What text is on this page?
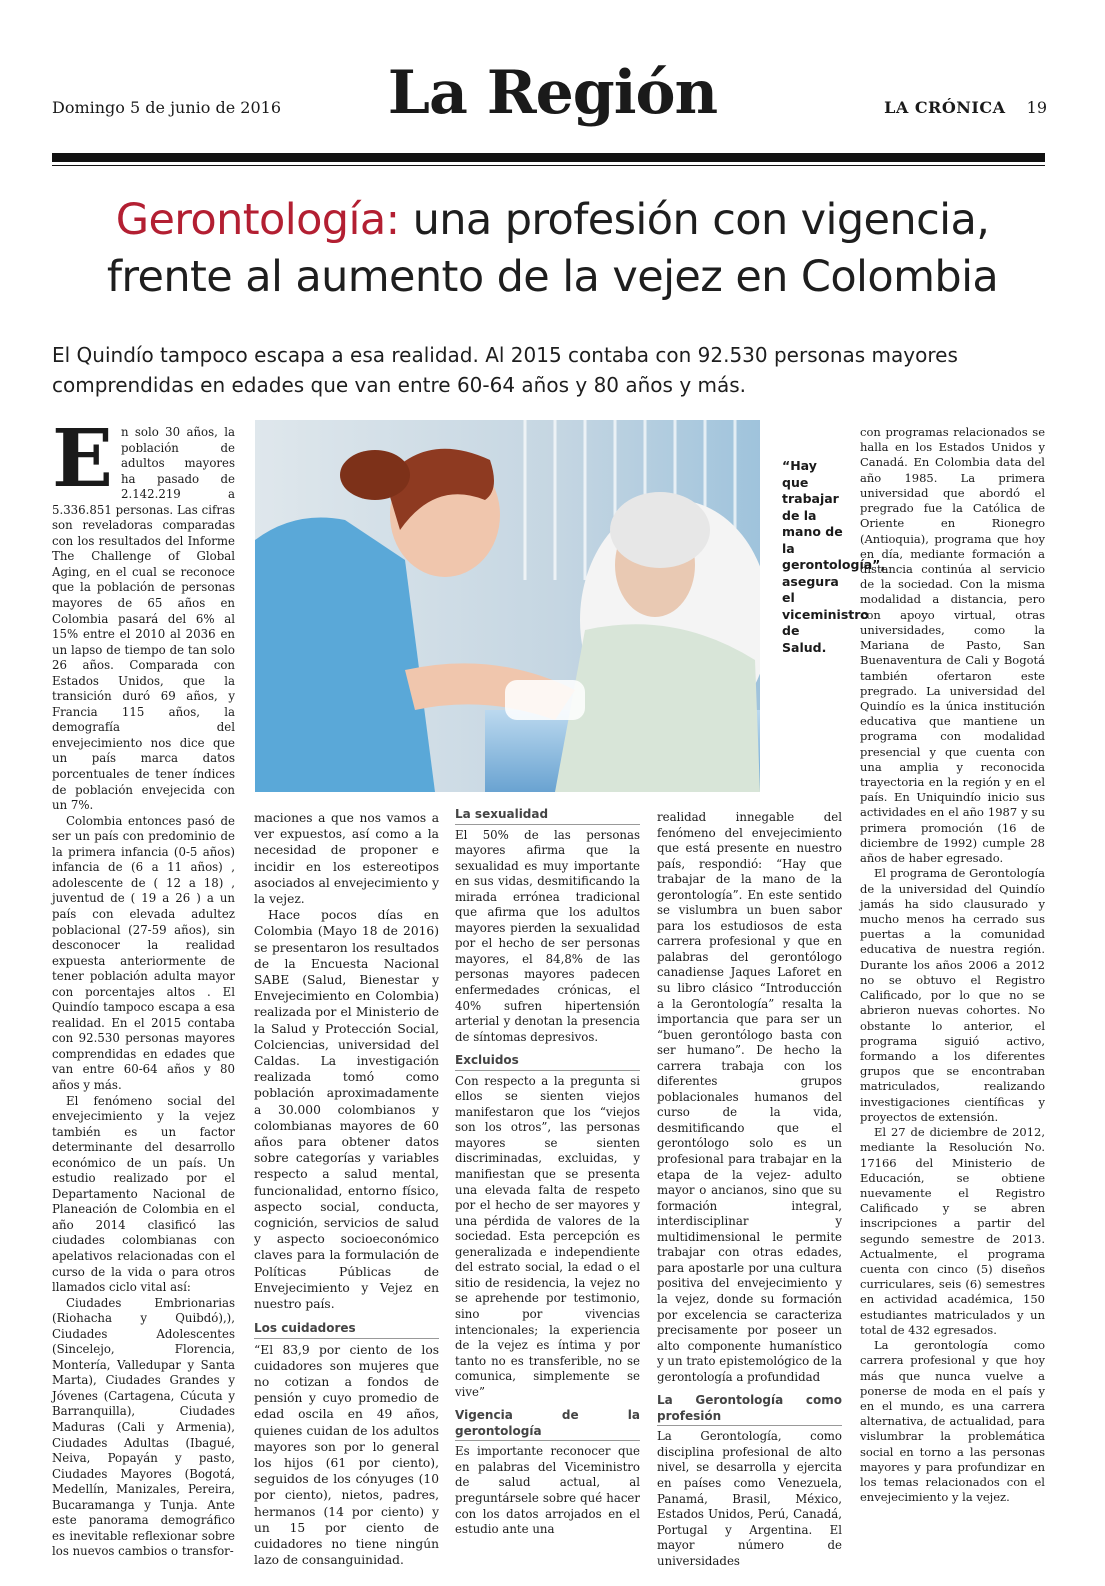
Domingo 5 de junio de 2016 La Región	LA CRÓNICA 19
Gerontología: una profesión con vigencia,
frente al aumento de la vejez en Colombia
El Quindío tampoco escapa a esa realidad. Al 2015 contaba con 92.530 personas mayores comprendidas en edades que van entre 60-64 años y 80 años y más.
E n solo 30 años, la población de adultos mayores ha pasado de 2.142.219 a 5.336.851 personas. Las cifras son reveladoras comparadas con los resultados del Informe The Challenge of Global Aging, en el cual se reconoce que la población de personas mayores de 65 años en Colombia pasará del 6% al 15% entre el 2010 al 2036 en un lapso de tiempo de tan solo 26 años. Comparada con Estados Unidos, que la transición duró 69 años, y Francia 115 años, la demografía del envejecimiento nos dice que un país marca datos porcentuales de tener índices de población envejecida con un 7%.

Colombia entonces pasó de ser un país con predominio de la primera infancia (0-5 años) infancia de (6 a 11 años) , adolescente de ( 12 a 18) , juventud de ( 19 a 26 ) a un país con elevada adultez poblacional (27-59 años), sin desconocer la realidad expuesta anteriormente de tener población adulta mayor con porcentajes altos . El Quindío tampoco escapa a esa realidad. En el 2015 contaba con 92.530 personas mayores comprendidas en edades que van entre 60-64 años y 80 años y más.

El fenómeno social del envejecimiento y la vejez también es un factor determinante del desarrollo económico de un país. Un estudio realizado por el Departamento Nacional de Planeación de Colombia en el año 2014 clasificó las ciudades colombianas con apelativos relacionadas con el curso de la vida o para otros llamados ciclo vital así:

Ciudades Embrionarias (Riohacha y Quibdó),), Ciudades Adolescentes (Sincelejo, Florencia, Montería, Valledupar y Santa Marta), Ciudades Grandes y Jóvenes (Cartagena, Cúcuta y Barranquilla), Ciudades Maduras (Cali y Armenia), Ciudades Adultas (Ibagué, Neiva, Popayán y pasto, Ciudades Mayores (Bogotá, Medellín, Manizales, Pereira, Bucaramanga y Tunja. Ante este panorama demográfico es inevitable reflexionar sobre los nuevos cambios o transfor-

“Hay que trabajar de la mano de la gerontología”, asegura el viceministro de Salud.

maciones a que nos vamos a ver expuestos, así como a la necesidad de proponer e incidir en los estereotipos asociados al envejecimiento y la vejez.

Hace pocos días en Colombia (Mayo 18 de 2016) se presentaron los resultados de la Encuesta Nacional SABE (Salud, Bienestar y Envejecimiento en Colombia) realizada por el Ministerio de la Salud y Protección Social, Colciencias, universidad del Caldas. La investigación realizada tomó como población aproximadamente a 30.000 colombianos y colombianas mayores de 60 años para obtener datos sobre categorías y variables respecto a salud mental, funcionalidad, entorno físico, aspecto social, conducta, cognición, servicios de salud y aspecto socioeconómico claves para la formulación de Políticas Públicas de Envejecimiento y Vejez en nuestro país.

Los cuidadores

“El 83,9 por ciento de los cuidadores son mujeres que no cotizan a fondos de pensión y cuyo promedio de edad oscila en 49 años, quienes cuidan de los adultos mayores son por lo general los hijos (61 por ciento), seguidos de los cónyuges (10 por ciento), nietos, padres, hermanos (14 por ciento) y un 15 por ciento de cuidadores no tiene ningún lazo de consanguinidad.

La sexualidad

El 50% de las personas mayores afirma que la sexualidad es muy importante en sus vidas, desmitificando la mirada errónea tradicional que afirma que los adultos mayores pierden la sexualidad por el hecho de ser personas mayores, el 84,8% de las personas mayores padecen enfermedades crónicas, el 40% sufren hipertensión arterial y denotan la presencia de síntomas depresivos.

Excluidos

Con respecto a la pregunta si ellos se sienten viejos manifestaron que los “viejos son los otros”, las personas mayores se sienten discriminadas, excluidas, y manifiestan que se presenta una elevada falta de respeto por el hecho de ser mayores y una pérdida de valores de la sociedad. Esta percepción es generalizada e independiente del estrato social, la edad o el sitio de residencia, la vejez no se aprehende por testimonio, sino por vivencias intencionales; la experiencia de la vejez es íntima y por tanto no es transferible, no se comunica, simplemente se vive”

Vigencia de la gerontología

Es importante reconocer que en palabras del Viceministro de salud actual, al preguntársele sobre qué hacer con los datos arrojados en el estudio ante una

realidad innegable del fenómeno del envejecimiento que está presente en nuestro país, respondió: “Hay que trabajar de la mano de la gerontología”. En este sentido se vislumbra un buen sabor para los estudiosos de esta carrera profesional y que en palabras del gerontólogo canadiense Jaques Laforet en su libro clásico “Introducción a la Gerontología” resalta la importancia que para ser un “buen gerontólogo basta con ser humano”. De hecho la carrera trabaja con los diferentes grupos poblacionales humanos del curso de la vida, desmitificando que el gerontólogo solo es un profesional para trabajar en la etapa de la vejez- adulto mayor o ancianos, sino que su formación integral, interdisciplinar y multidimensional le permite trabajar con otras edades, para apostarle por una cultura positiva del envejecimiento y la vejez, donde su formación por excelencia se caracteriza precisamente por poseer un alto componente humanístico y un trato epistemológico de la gerontología a profundidad

La Gerontología como profesión

La Gerontología, como disciplina profesional de alto nivel, se desarrolla y ejercita en países como Venezuela, Panamá, Brasil, México, Estados Unidos, Perú, Canadá, Portugal y Argentina. El mayor número de universidades

con programas relacionados se halla en los Estados Unidos y Canadá. En Colombia data del año 1985. La primera universidad que abordó el pregrado fue la Católica de Oriente en Rionegro (Antioquia), programa que hoy en día, mediante formación a distancia continúa al servicio de la sociedad. Con la misma modalidad a distancia, pero con apoyo virtual, otras universidades, como la Mariana de Pasto, San Buenaventura de Cali y Bogotá también ofertaron este pregrado. La universidad del Quindío es la única institución educativa que mantiene un programa con modalidad presencial y que cuenta con una amplia y reconocida trayectoria en la región y en el país. En Uniquindío inicio sus actividades en el año 1987 y su primera promoción (16 de diciembre de 1992) cumple 28 años de haber egresado.

El programa de Gerontología de la universidad del Quindío jamás ha sido clausurado y mucho menos ha cerrado sus puertas a la comunidad educativa de nuestra región. Durante los años 2006 a 2012 no se obtuvo el Registro Calificado, por lo que no se abrieron nuevas cohortes. No obstante lo anterior, el programa siguió activo, formando a los diferentes grupos que se encontraban matriculados, realizando investigaciones científicas y proyectos de extensión.

El 27 de diciembre de 2012, mediante la Resolución No. 17166 del Ministerio de Educación, se obtiene nuevamente el Registro Calificado y se abren inscripciones a partir del segundo semestre de 2013. Actualmente, el programa cuenta con cinco (5) diseños curriculares, seis (6) semestres en actividad académica, 150 estudiantes matriculados y un total de 432 egresados.

La gerontología como carrera profesional y que hoy más que nunca vuelve a ponerse de moda en el país y en el mundo, es una carrera alternativa, de actualidad, para vislumbrar la problemática social en torno a las personas mayores y para profundizar en los temas relacionados con el envejecimiento y la vejez.
